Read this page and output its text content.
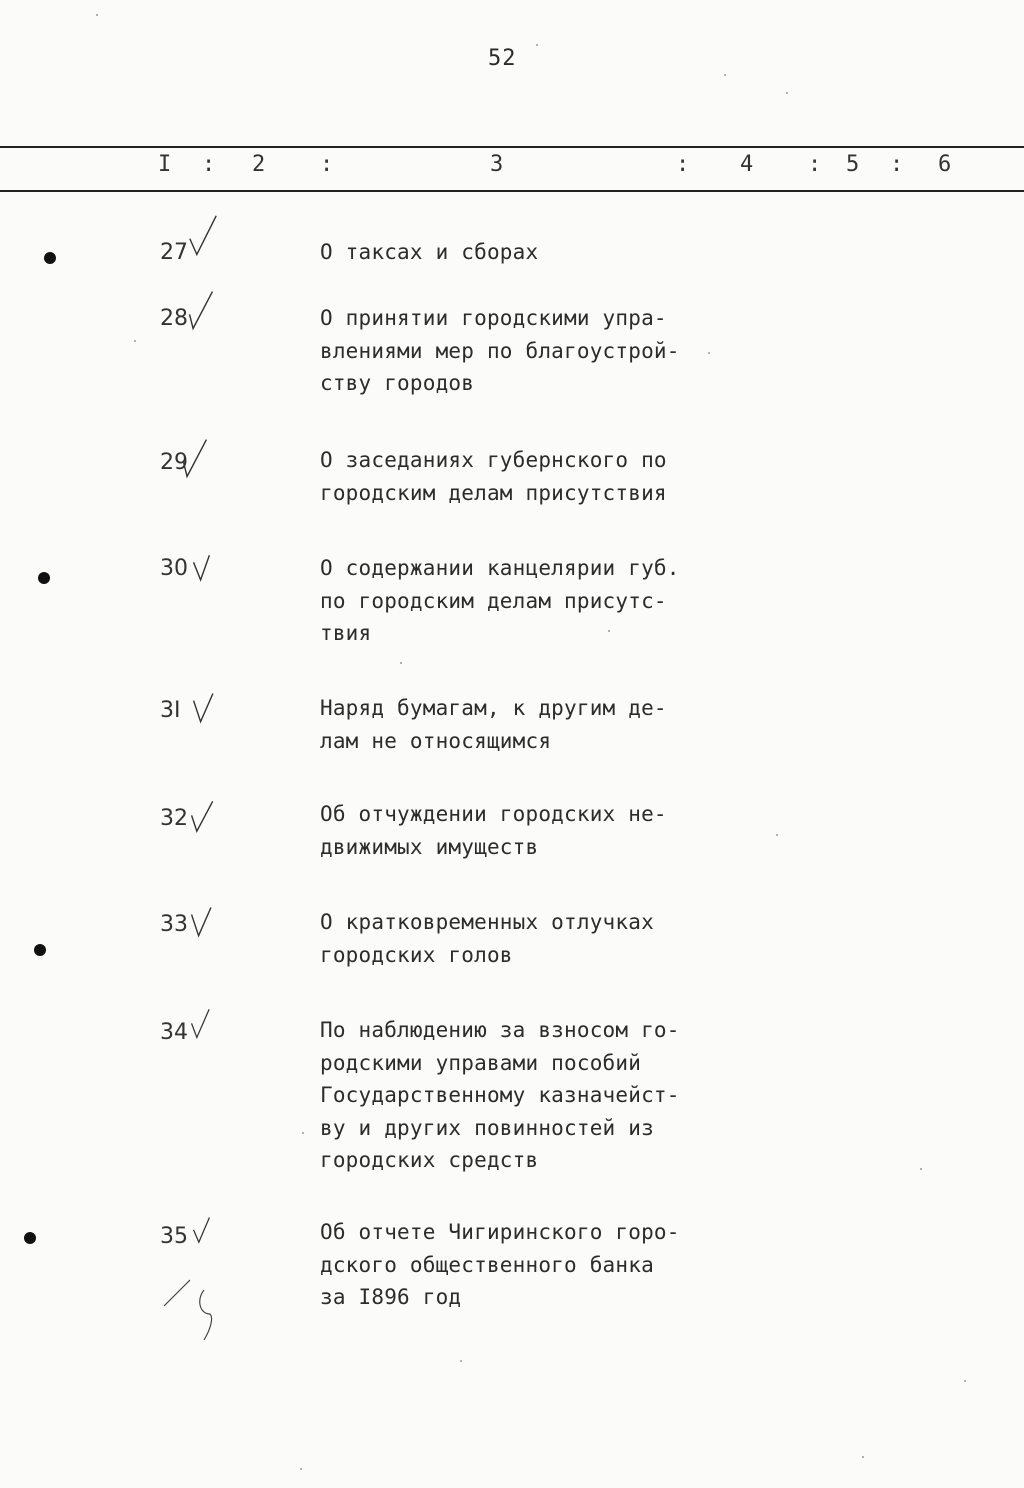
52
I : 2 :	3	: 4 : 5 : 6
27	О таксах и сборах
28	О принятии городскими упра-
влениями мер по благоустрой-
ству городов
29	О заседаниях губернского по
городским делам присутствия
30	О содержании канцелярии губ.
по городским делам присутс-
твия
3I	Наряд бумагам, к другим де-
лам не относящимся
32	Об отчуждении городских не-
движимых имуществ
33	О кратковременных отлучках
городских голов
34	По наблюдению за взносом го-
родскими управами пособий
Государственному казначейст-
ву и других повинностей из
городских средств
35	Об отчете Чигиринского горо-
дского общественного банка
за I896 год
